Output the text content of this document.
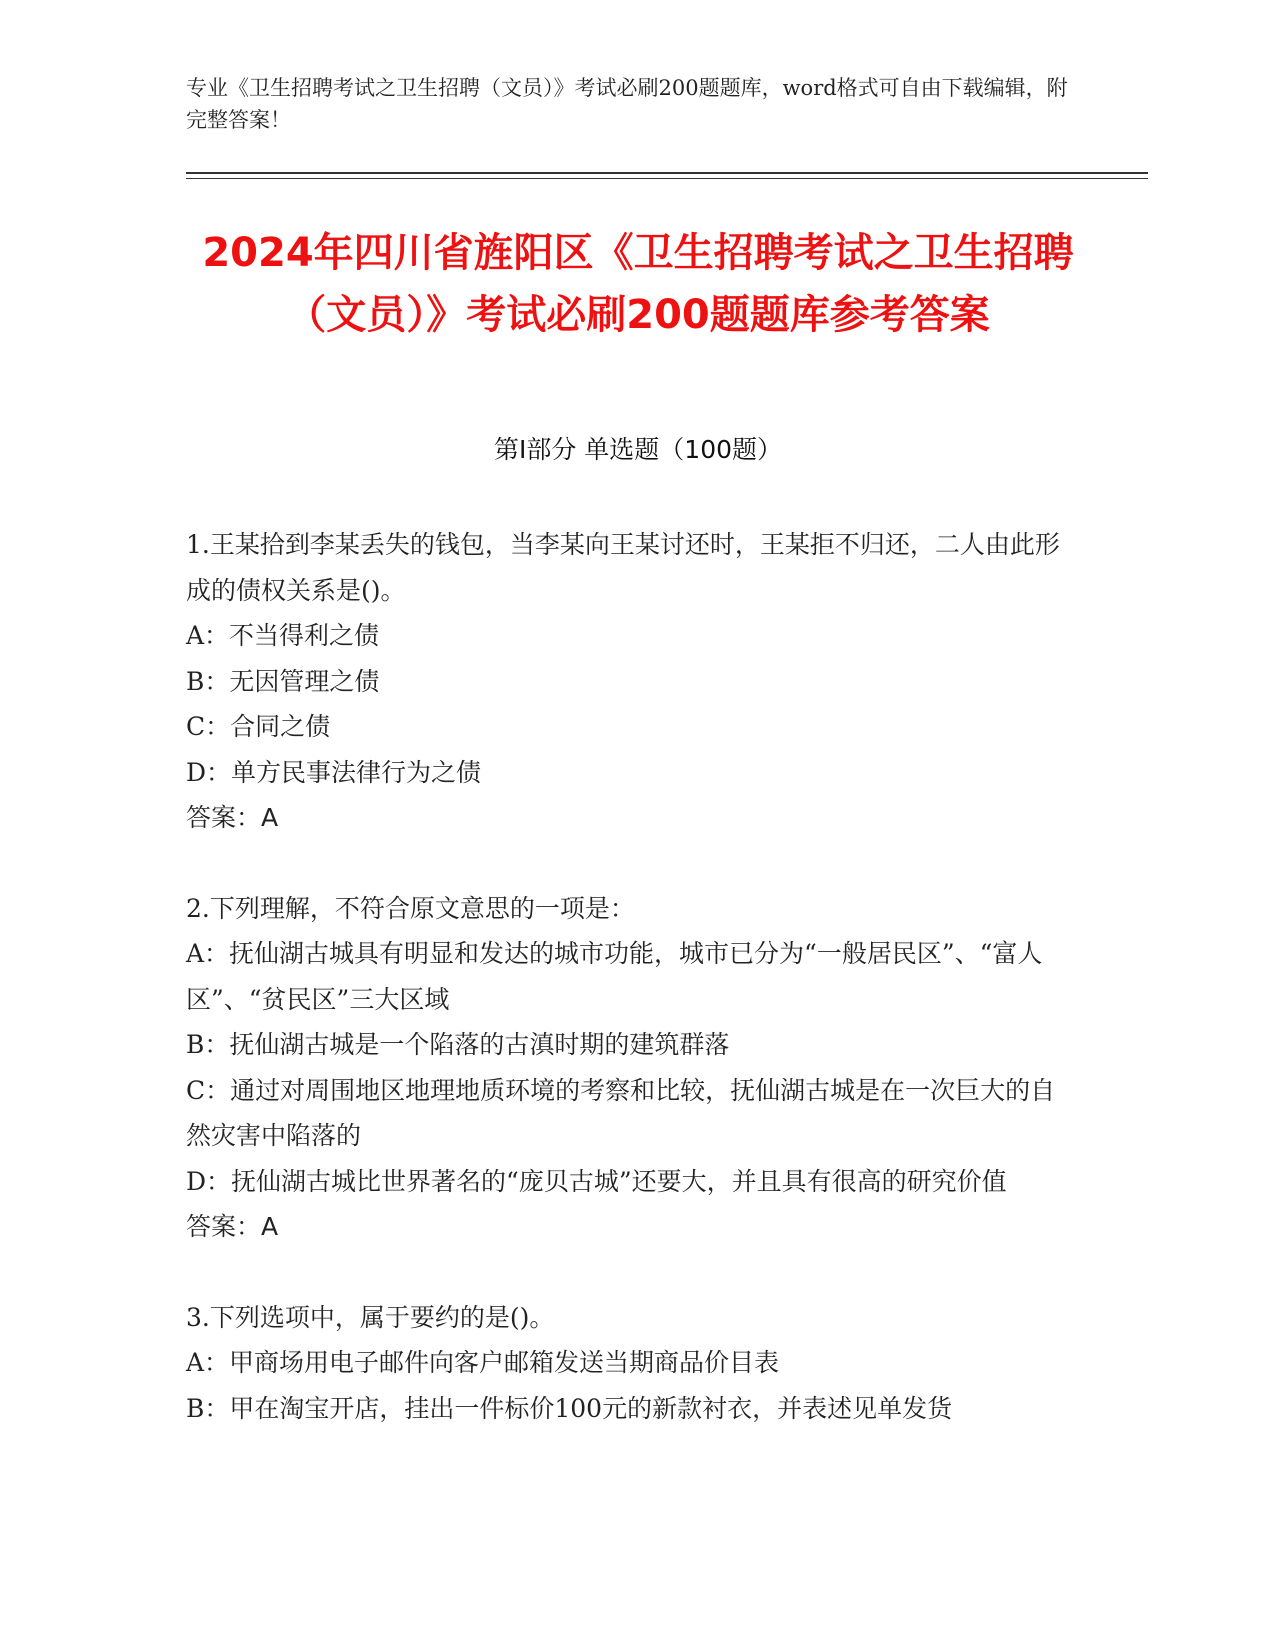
专业《卫生招聘考试之卫生招聘（文员）》考试必刷200题题库，word格式可自由下载编辑，附完整答案！
2024年四川省旌阳区《卫生招聘考试之卫生招聘（文员）》考试必刷200题题库参考答案
第I部分 单选题（100题）

1.王某拾到李某丢失的钱包，当李某向王某讨还时，王某拒不归还，二人由此形成的债权关系是()。

A：不当得利之债

B：无因管理之债

C：合同之债

D：单方民事法律行为之债

答案：A

2.下列理解，不符合原文意思的一项是：

A：抚仙湖古城具有明显和发达的城市功能，城市已分为“一般居民区”、“富人区”、“贫民区”三大区域

B：抚仙湖古城是一个陷落的古滇时期的建筑群落

C：通过对周围地区地理地质环境的考察和比较，抚仙湖古城是在一次巨大的自然灾害中陷落的

D：抚仙湖古城比世界著名的“庞贝古城”还要大，并且具有很高的研究价值

答案：A

3.下列选项中，属于要约的是()。

A：甲商场用电子邮件向客户邮箱发送当期商品价目表

B：甲在淘宝开店，挂出一件标价100元的新款衬衣，并表述见单发货
